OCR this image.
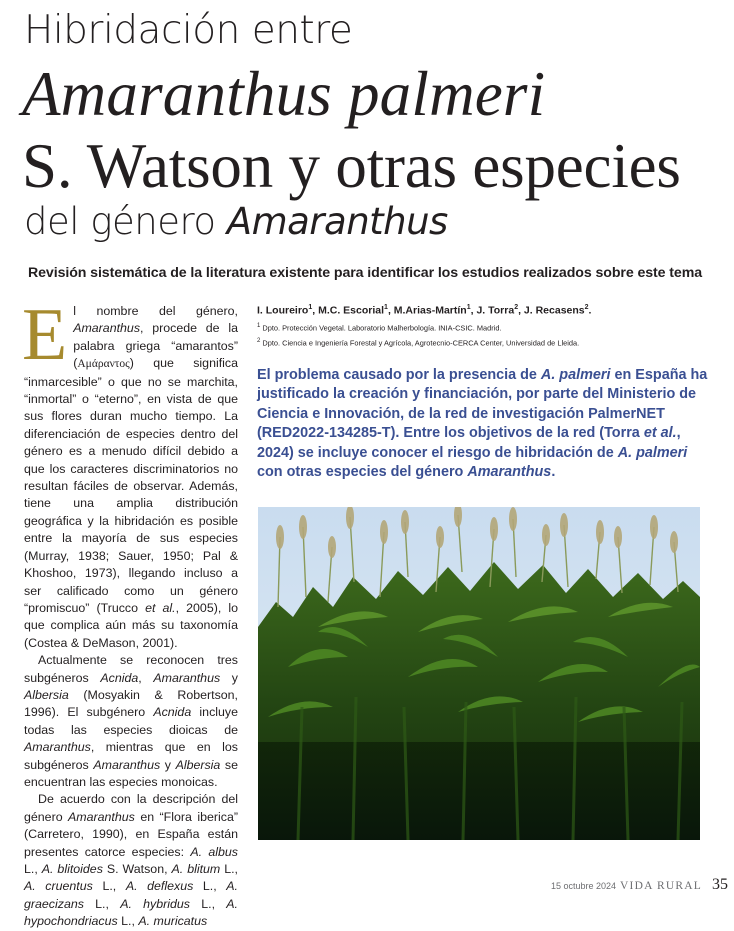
Hibridación entre
Amaranthus palmeri
S. Watson y otras especies
del género Amaranthus
Revisión sistemática de la literatura existente para identificar los estudios realizados sobre este tema

El nombre del género, Amaranthus, procede de la palabra griega “amarantos” (Αμάραντος) que significa “inmarcesible” o que no se marchita, “inmortal” o “eterno”, en vista de que sus flores duran mucho tiempo. La diferenciación de especies dentro del género es a menudo difícil debido a que los caracteres discriminatorios no resultan fáciles de observar. Además, tiene una amplia distribución geográfica y la hibridación es posible entre la mayoría de sus especies (Murray, 1938; Sauer, 1950; Pal & Khoshoo, 1973), llegando incluso a ser calificado como un género “promiscuo” (Trucco et al., 2005), lo que complica aún más su taxonomía (Costea & DeMason, 2001).

Actualmente se reconocen tres subgéneros Acnida, Amaranthus y Albersia (Mosyakin & Robertson, 1996). El subgénero Acnida incluye todas las especies dioicas de Amaranthus, mientras que en los subgéneros Amaranthus y Albersia se encuentran las especies monoicas.

De acuerdo con la descripción del género Amaranthus en “Flora iberica” (Carretero, 1990), en España están presentes catorce especies: A. albus L., A. blitoides S. Watson, A. blitum L., A. cruentus L., A. deflexus L., A. graecizans L., A. hybridus L., A. hypochondriacus L., A. muricatus

I. Loureiro$^1$, M.C. Escorial$^1$, M.Arias-Martín$^1$, J. Torra$^2$, J. Recasens$^2$.
$^1$ Dpto. Protección Vegetal. Laboratorio Malherbología. INIA-CSIC. Madrid.
$^2$ Dpto. Ciencia e Ingeniería Forestal y Agrícola, Agrotecnio-CERCA Center, Universidad de Lleida.
El problema causado por la presencia de A. palmeri en España ha justificado la creación y financiación, por parte del Ministerio de Ciencia e Innovación, de la red de investigación PalmerNET (RED2022-134285-T). Entre los objetivos de la red (Torra et al., 2024) se incluye conocer el riesgo de hibridación de A. palmeri con otras especies del género Amaranthus.
15 octubre 2024 VIDA RURAL 35
